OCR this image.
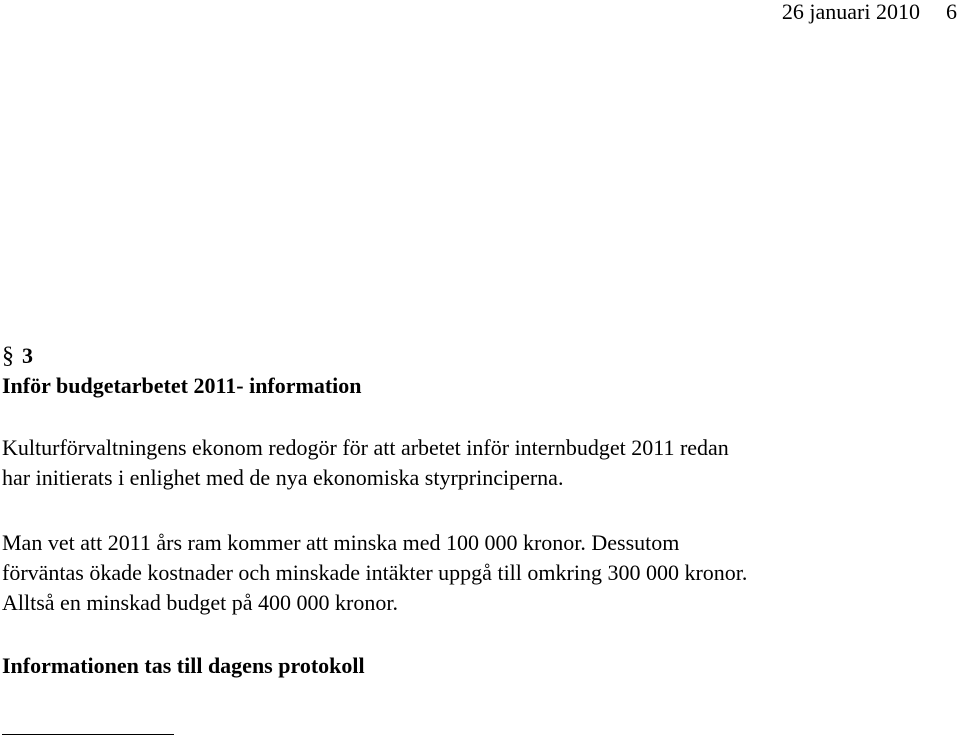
26 januari 2010 6
§ 3
Inför budgetarbetet 2011- information
Kulturförvaltningens ekonom redogör för att arbetet inför internbudget 2011 redan
har initierats i enlighet med de nya ekonomiska styrprinciperna.
Man vet att 2011 års ram kommer att minska med 100 000 kronor. Dessutom
förväntas ökade kostnader och minskade intäkter uppgå till omkring 300 000 kronor.
Alltså en minskad budget på 400 000 kronor.
Informationen tas till dagens protokoll
